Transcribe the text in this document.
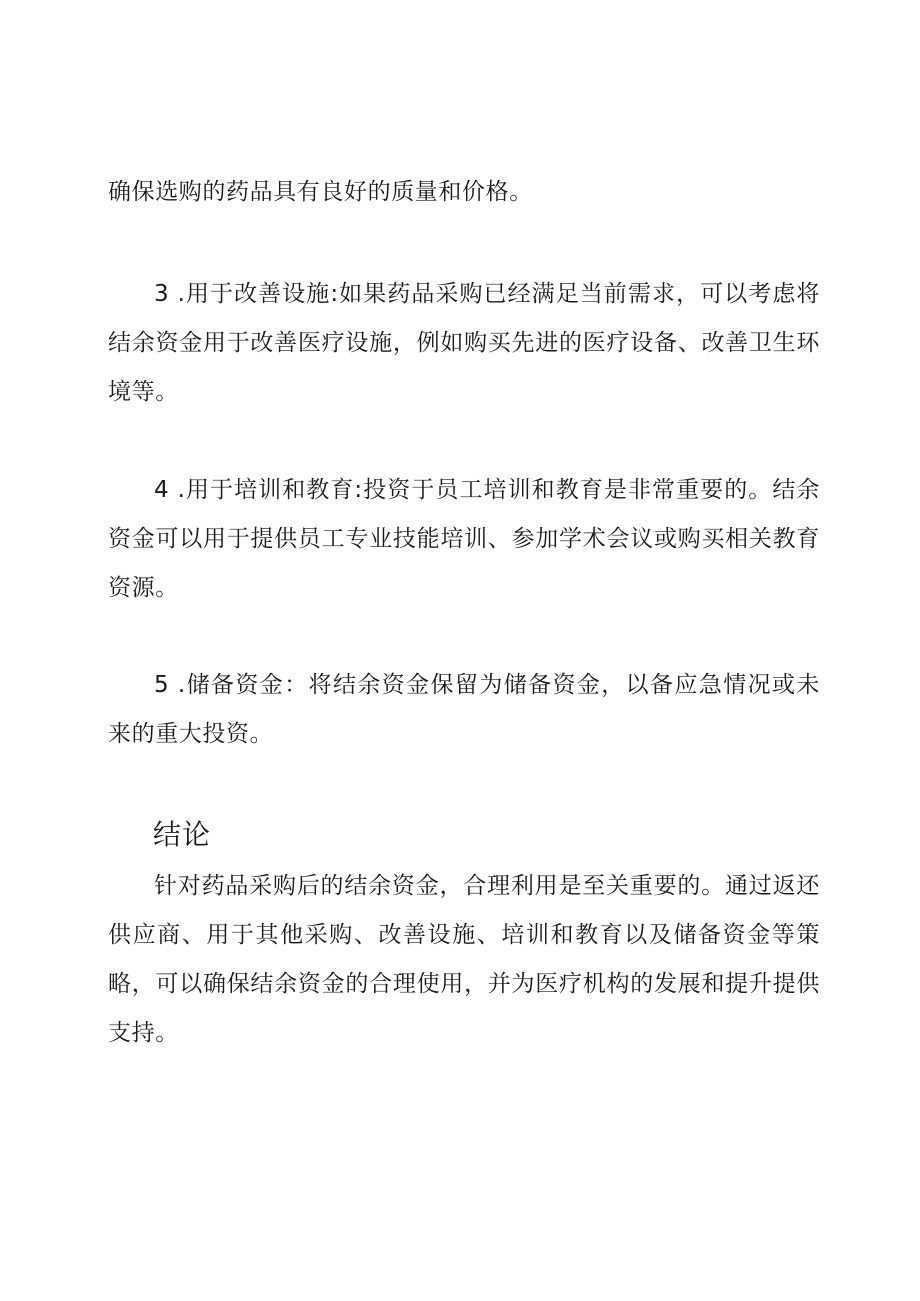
确保选购的药品具有良好的质量和价格。

3 .用于改善设施:如果药品采购已经满足当前需求，可以考虑将结余资金用于改善医疗设施，例如购买先进的医疗设备、改善卫生环境等。

4 .用于培训和教育:投资于员工培训和教育是非常重要的。结余资金可以用于提供员工专业技能培训、参加学术会议或购买相关教育资源。

5 .储备资金：将结余资金保留为储备资金，以备应急情况或未来的重大投资。

结论

针对药品采购后的结余资金，合理利用是至关重要的。通过返还供应商、用于其他采购、改善设施、培训和教育以及储备资金等策略，可以确保结余资金的合理使用，并为医疗机构的发展和提升提供支持。
